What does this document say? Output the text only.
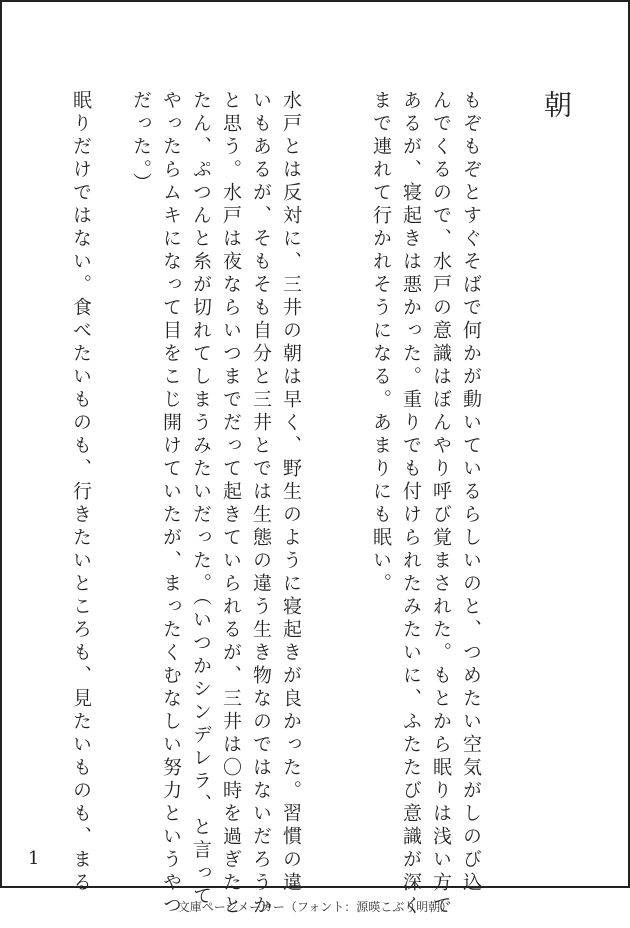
朝
もぞもぞとすぐそばで何かが動いているらしいのと、つめたい空気がしのび込
んでくるので、水戸の意識はぼんやり呼び覚まされた。もとから眠りは浅い方で
あるが、寝起きは悪かった。重りでも付けられたみたいに、ふたたび意識が深く
まで連れて行かれそうになる。あまりにも眠い。
水戸とは反対に、三井の朝は早く、野生のように寝起きが良かった。習慣の違
いもあるが、そもそも自分と三井とでは生態の違う生き物なのではないだろうか
と思う。水戸は夜ならいつまでだって起きていられるが、三井は〇時を過ぎたと
たん、ぷつんと糸が切れてしまうみたいだった。（いつかシンデレラ、と言って
やったらムキになって目をこじ開けていたが、まったくむなしい努力というやつ
だった。）
眠りだけではない。食べたいものも、行きたいところも、見たいものも、まる
1
文庫ページメーカー（フォント：源暎こぶり明朝）
